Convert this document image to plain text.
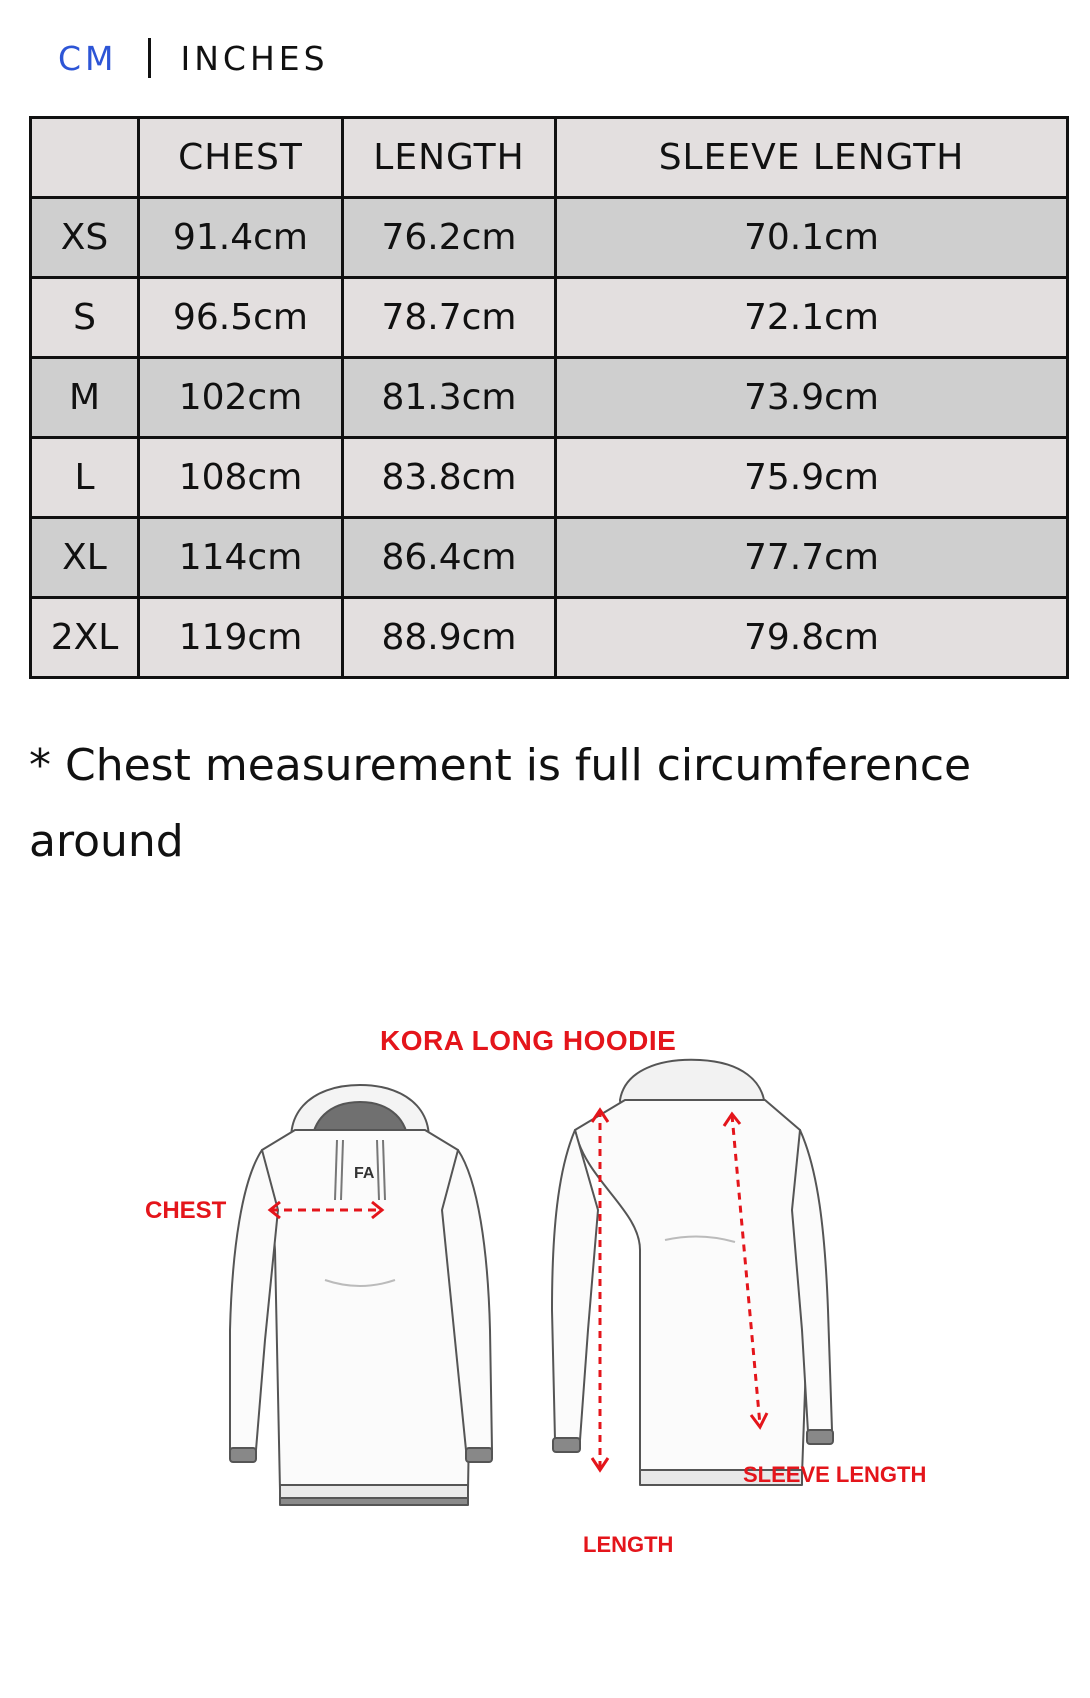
CM INCHES
	CHEST	LENGTH	SLEEVE LENGTH
XS	91.4cm	76.2cm	70.1cm
S	96.5cm	78.7cm	72.1cm
M	102cm	81.3cm	73.9cm
L	108cm	83.8cm	75.9cm
XL	114cm	86.4cm	77.7cm
2XL	119cm	88.9cm	79.8cm

* Chest measurement is full circumference around

KORA LONG HOODIE
FA
CHEST
SLEEVE LENGTH
LENGTH
